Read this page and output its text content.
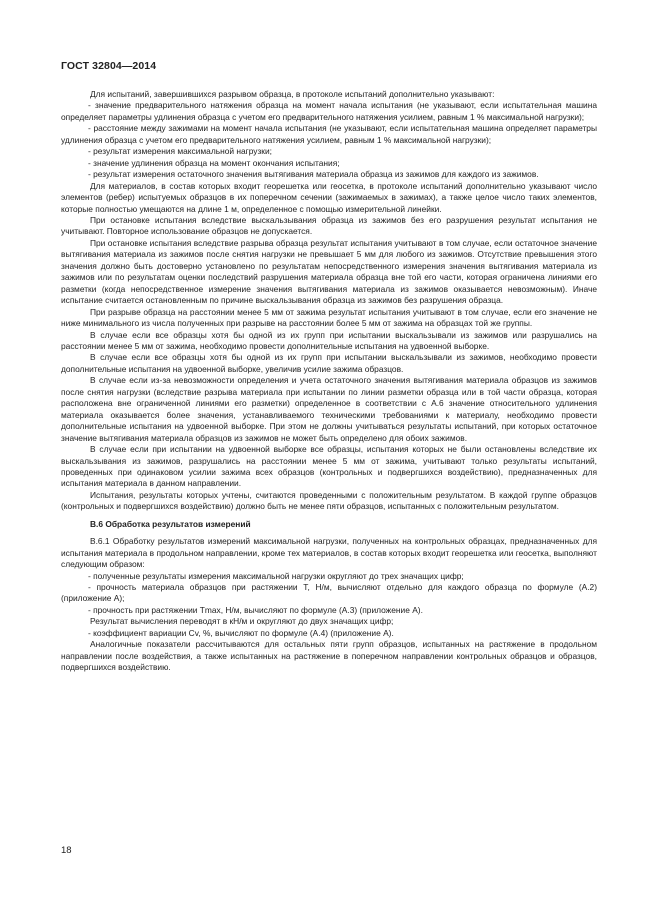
ГОСТ 32804—2014

Для испытаний, завершившихся разрывом образца, в протоколе испытаний дополнительно указывают:

- значение предварительного натяжения образца на момент начала испытания (не указывают, если испытательная машина определяет параметры удлинения образца с учетом его предварительного натяжения усилием, равным 1 % максимальной нагрузки);

- расстояние между зажимами на момент начала испытания (не указывают, если испытательная машина определяет параметры удлинения образца с учетом его предварительного натяжения усилием, равным 1 % максимальной нагрузки);

- результат измерения максимальной нагрузки;

- значение удлинения образца на момент окончания испытания;

- результат измерения остаточного значения вытягивания материала образца из зажимов для каждого из зажимов.

Для материалов, в состав которых входит георешетка или геосетка, в протоколе испытаний дополнительно указывают число элементов (ребер) испытуемых образцов в их поперечном сечении (зажимаемых в зажимах), а также целое число таких элементов, которые полностью умещаются на длине 1 м, определенное с помощью измерительной линейки.

При остановке испытания вследствие выскальзывания образца из зажимов без его разрушения результат испытания не учитывают. Повторное использование образцов не допускается.

При остановке испытания вследствие разрыва образца результат испытания учитывают в том случае, если остаточное значение вытягивания материала из зажимов после снятия нагрузки не превышает 5 мм для любого из зажимов. Отсутствие превышения этого значения должно быть достоверно установлено по результатам непосредственного измерения значения вытягивания материала из зажимов или по результатам оценки последствий разрушения материала образца вне той его части, которая ограничена линиями его разметки (когда непосредственное измерение значения вытягивания материала из зажимов оказывается невозможным). Иначе испытание считается остановленным по причине выскальзывания образца из зажимов без разрушения образца.

При разрыве образца на расстоянии менее 5 мм от зажима результат испытания учитывают в том случае, если его значение не ниже минимального из числа полученных при разрыве на расстоянии более 5 мм от зажима на образцах той же группы.

В случае если все образцы хотя бы одной из их групп при испытании выскальзывали из зажимов или разрушались на расстоянии менее 5 мм от зажима, необходимо провести дополнительные испытания на удвоенной выборке.

В случае если все образцы хотя бы одной из их групп при испытании выскальзывали из зажимов, необходимо провести дополнительные испытания на удвоенной выборке, увеличив усилие зажима образцов.

В случае если из-за невозможности определения и учета остаточного значения вытягивания материала образцов из зажимов после снятия нагрузки (вследствие разрыва материала при испытании по линии разметки образца или в той части образца, которая расположена вне ограниченной линиями его разметки) определенное в соответствии с А.6 значение относительного удлинения материала оказывается более значения, устанавливаемого техническими требованиями к материалу, необходимо провести дополнительные испытания на удвоенной выборке. При этом не должны учитываться результаты испытаний, при которых остаточное значение вытягивания материала образцов из зажимов не может быть определено для обоих зажимов.

В случае если при испытании на удвоенной выборке все образцы, испытания которых не были остановлены вследствие их выскальзывания из зажимов, разрушались на расстоянии менее 5 мм от зажима, учитывают только результаты испытаний, проведенных при одинаковом усилии зажима всех образцов (контрольных и подвергшихся воздействию), предназначенных для испытания материала в данном направлении.

Испытания, результаты которых учтены, считаются проведенными с положительным результатом. В каждой группе образцов (контрольных и подвергшихся воздействию) должно быть не менее пяти образцов, испытанных с положительным результатом.

В.6 Обработка результатов измерений

В.6.1 Обработку результатов измерений максимальной нагрузки, полученных на контрольных образцах, предназначенных для испытания материала в продольном направлении, кроме тех материалов, в состав которых входит георешетка или геосетка, выполняют следующим образом:

- полученные результаты измерения максимальной нагрузки округляют до трех значащих цифр;

- прочность материала образцов при растяжении T, Н/м, вычисляют отдельно для каждого образца по формуле (А.2) (приложение А);

- прочность при растяжении Tmax, Н/м, вычисляют по формуле (А.3) (приложение А).

Результат вычисления переводят в кН/м и округляют до двух значащих цифр;

- коэффициент вариации Cv, %, вычисляют по формуле (А.4) (приложение А).

Аналогичные показатели рассчитываются для остальных пяти групп образцов, испытанных на растяжение в продольном направлении после воздействия, а также испытанных на растяжение в поперечном направлении контрольных образцов и образцов, подвергшихся воздействию.

18
